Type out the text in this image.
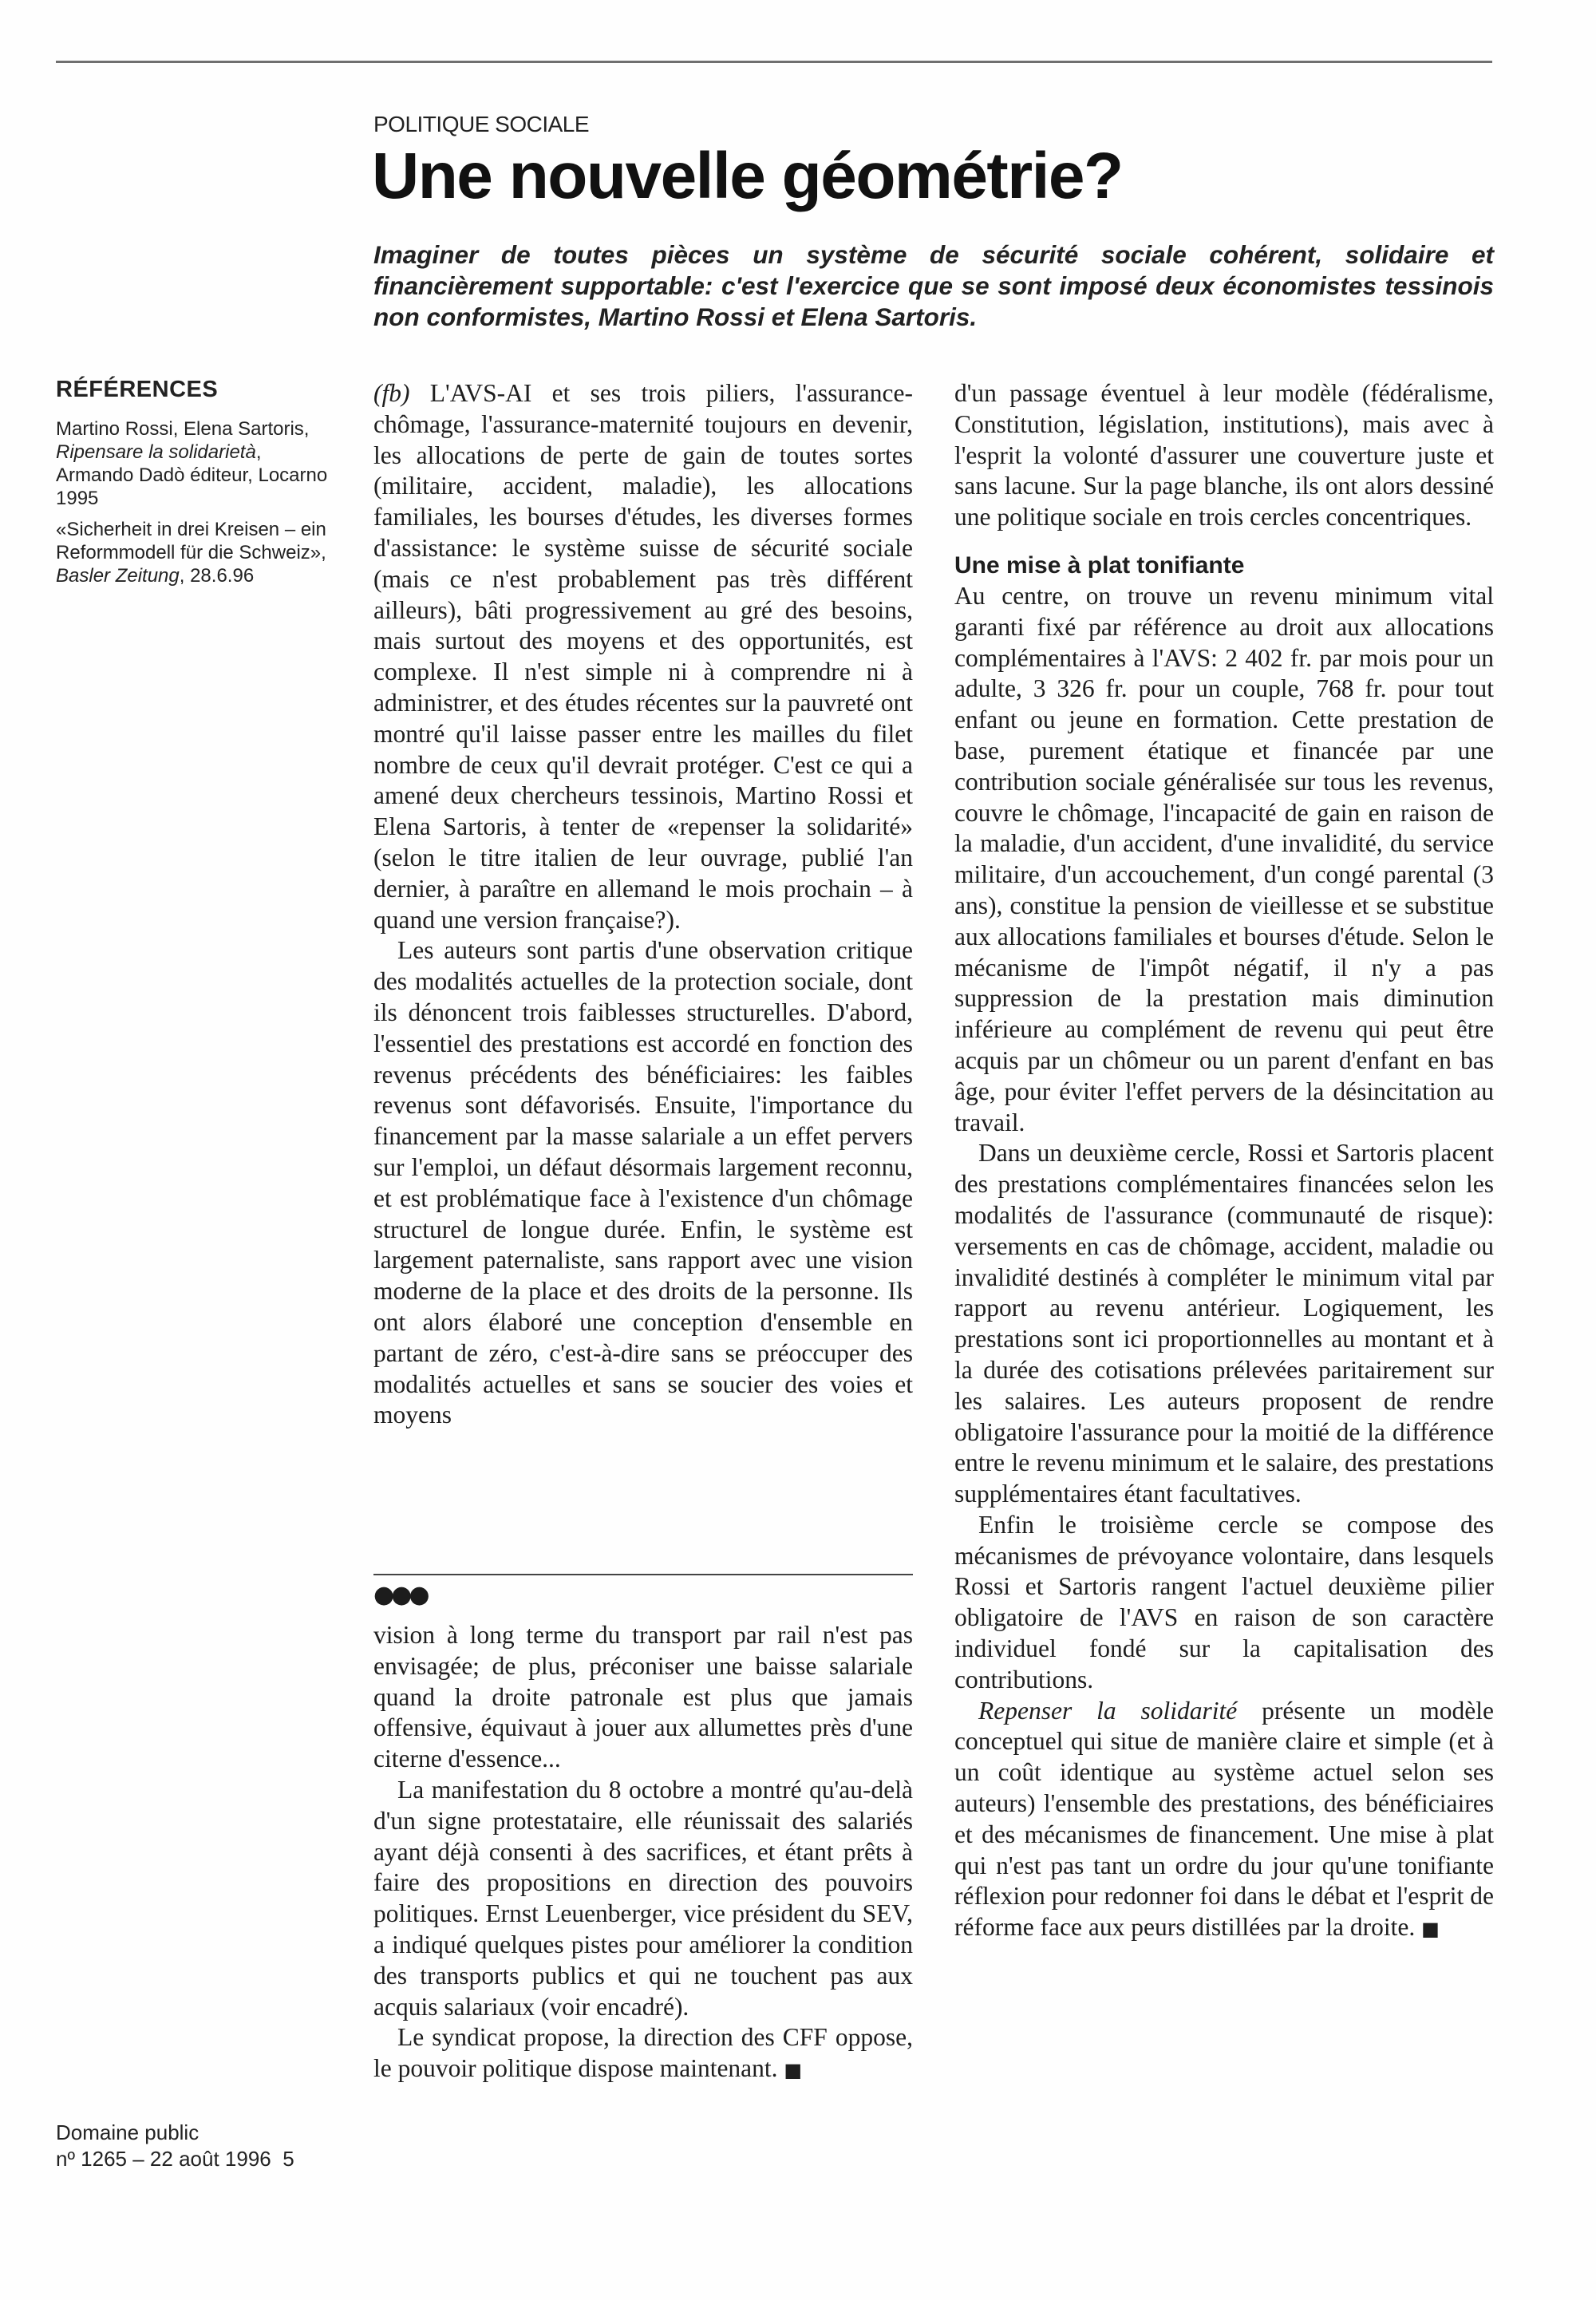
POLITIQUE SOCIALE
Une nouvelle géométrie?

Imaginer de toutes pièces un système de sécurité sociale cohérent, solidaire et financièrement supportable: c'est l'exercice que se sont imposé deux économistes tessinois non conformistes, Martino Rossi et Elena Sartoris.

RÉFÉRENCES
Martino Rossi, Elena Sartoris, Ripensare la solidarietà, Armando Dadò éditeur, Locarno 1995
«Sicherheit in drei Kreisen – ein Reformmodell für die Schweiz», Basler Zeitung, 28.6.96
Domaine public
nº 1265 – 22 août 1996 5

(fb) L'AVS-AI et ses trois piliers, l'assurance-chômage, l'assurance-maternité toujours en devenir, les allocations de perte de gain de toutes sortes (militaire, accident, maladie), les allocations familiales, les bourses d'études, les diverses formes d'assistance: le système suisse de sécurité sociale (mais ce n'est probablement pas très différent ailleurs), bâti progressivement au gré des besoins, mais surtout des moyens et des opportunités, est complexe. Il n'est simple ni à comprendre ni à administrer, et des études récentes sur la pauvreté ont montré qu'il laisse passer entre les mailles du filet nombre de ceux qu'il devrait protéger. C'est ce qui a amené deux chercheurs tessinois, Martino Rossi et Elena Sartoris, à tenter de «repenser la solidarité» (selon le titre italien de leur ouvrage, publié l'an dernier, à paraître en allemand le mois prochain – à quand une version française?).

Les auteurs sont partis d'une observation critique des modalités actuelles de la protection sociale, dont ils dénoncent trois faiblesses structurelles. D'abord, l'essentiel des prestations est accordé en fonction des revenus précédents des bénéficiaires: les faibles revenus sont défavorisés. Ensuite, l'importance du financement par la masse salariale a un effet pervers sur l'emploi, un défaut désormais largement reconnu, et est problématique face à l'existence d'un chômage structurel de longue durée. Enfin, le système est largement paternaliste, sans rapport avec une vision moderne de la place et des droits de la personne. Ils ont alors élaboré une conception d'ensemble en partant de zéro, c'est-à-dire sans se préoccuper des modalités actuelles et sans se soucier des voies et moyens

●●●

vision à long terme du transport par rail n'est pas envisagée; de plus, préconiser une baisse salariale quand la droite patronale est plus que jamais offensive, équivaut à jouer aux allumettes près d'une citerne d'essence...

La manifestation du 8 octobre a montré qu'au-delà d'un signe protestataire, elle réunissait des salariés ayant déjà consenti à des sacrifices, et étant prêts à faire des propositions en direction des pouvoirs politiques. Ernst Leuenberger, vice président du SEV, a indiqué quelques pistes pour améliorer la condition des transports publics et qui ne touchent pas aux acquis salariaux (voir encadré).

Le syndicat propose, la direction des CFF oppose, le pouvoir politique dispose maintenant. ■

d'un passage éventuel à leur modèle (fédéralisme, Constitution, législation, institutions), mais avec à l'esprit la volonté d'assurer une couverture juste et sans lacune. Sur la page blanche, ils ont alors dessiné une politique sociale en trois cercles concentriques.

Une mise à plat tonifiante

Au centre, on trouve un revenu minimum vital garanti fixé par référence au droit aux allocations complémentaires à l'AVS: 2 402 fr. par mois pour un adulte, 3 326 fr. pour un couple, 768 fr. pour tout enfant ou jeune en formation. Cette prestation de base, purement étatique et financée par une contribution sociale généralisée sur tous les revenus, couvre le chômage, l'incapacité de gain en raison de la maladie, d'un accident, d'une invalidité, du service militaire, d'un accouchement, d'un congé parental (3 ans), constitue la pension de vieillesse et se substitue aux allocations familiales et bourses d'étude. Selon le mécanisme de l'impôt négatif, il n'y a pas suppression de la prestation mais diminution inférieure au complément de revenu qui peut être acquis par un chômeur ou un parent d'enfant en bas âge, pour éviter l'effet pervers de la désincitation au travail.

Dans un deuxième cercle, Rossi et Sartoris placent des prestations complémentaires financées selon les modalités de l'assurance (communauté de risque): versements en cas de chômage, accident, maladie ou invalidité destinés à compléter le minimum vital par rapport au revenu antérieur. Logiquement, les prestations sont ici proportionnelles au montant et à la durée des cotisations prélevées paritairement sur les salaires. Les auteurs proposent de rendre obligatoire l'assurance pour la moitié de la différence entre le revenu minimum et le salaire, des prestations supplémentaires étant facultatives.

Enfin le troisième cercle se compose des mécanismes de prévoyance volontaire, dans lesquels Rossi et Sartoris rangent l'actuel deuxième pilier obligatoire de l'AVS en raison de son caractère individuel fondé sur la capitalisation des contributions.

Repenser la solidarité présente un modèle conceptuel qui situe de manière claire et simple (et à un coût identique au système actuel selon ses auteurs) l'ensemble des prestations, des bénéficiaires et des mécanismes de financement. Une mise à plat qui n'est pas tant un ordre du jour qu'une tonifiante réflexion pour redonner foi dans le débat et l'esprit de réforme face aux peurs distillées par la droite. ■
